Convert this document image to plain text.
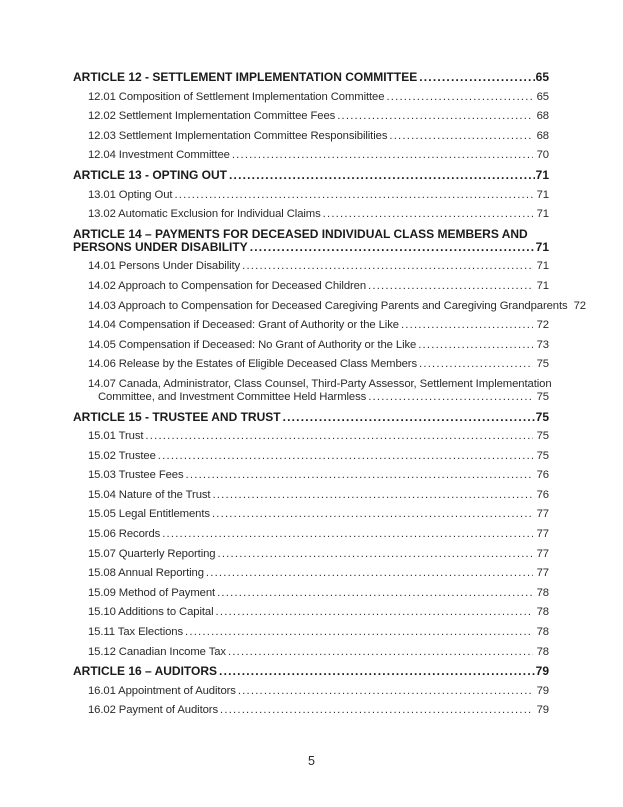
ARTICLE 12 - SETTLEMENT IMPLEMENTATION COMMITTEE .....	65
12.01 Composition of Settlement Implementation Committee .....	65
12.02 Settlement Implementation Committee Fees .....	68
12.03 Settlement Implementation Committee Responsibilities .....	68
12.04 Investment Committee .....	70
ARTICLE 13 - OPTING OUT .....	71
13.01 Opting Out .....	71
13.02 Automatic Exclusion for Individual Claims .....	71
ARTICLE 14 – PAYMENTS FOR DECEASED INDIVIDUAL CLASS MEMBERS AND
PERSONS UNDER DISABILITY .....	71
14.01 Persons Under Disability .....	71
14.02 Approach to Compensation for Deceased Children .....	71
14.03 Approach to Compensation for Deceased Caregiving Parents and Caregiving Grandparents 72
14.04 Compensation if Deceased: Grant of Authority or the Like .....	72
14.05 Compensation if Deceased: No Grant of Authority or the Like .....	73
14.06 Release by the Estates of Eligible Deceased Class Members .....	75
14.07 Canada, Administrator, Class Counsel, Third-Party Assessor, Settlement Implementation
Committee, and Investment Committee Held Harmless .....	75
ARTICLE 15 - TRUSTEE AND TRUST .....	75
15.01 Trust .....	75
15.02 Trustee .....	75
15.03 Trustee Fees .....	76
15.04 Nature of the Trust .....	76
15.05 Legal Entitlements .....	77
15.06 Records .....	77
15.07 Quarterly Reporting .....	77
15.08 Annual Reporting .....	77
15.09 Method of Payment .....	78
15.10 Additions to Capital .....	78
15.11 Tax Elections .....	78
15.12 Canadian Income Tax .....	78
ARTICLE 16 – AUDITORS .....	79
16.01 Appointment of Auditors .....	79
16.02 Payment of Auditors .....	79
5
